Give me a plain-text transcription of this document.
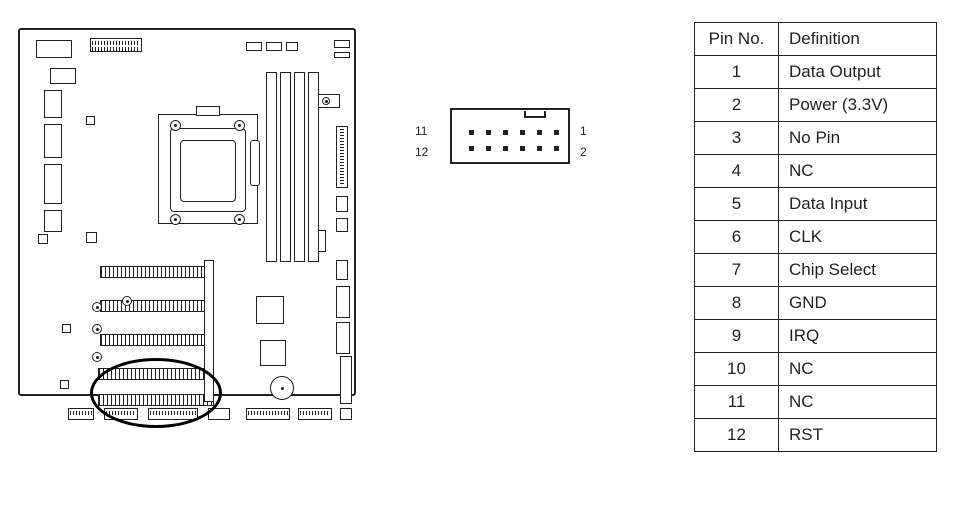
11
12
1
2
Pin No.	Definition
1	Data Output
2	Power (3.3V)
3	No Pin
4	NC
5	Data Input
6	CLK
7	Chip Select
8	GND
9	IRQ
10	NC
11	NC
12	RST
